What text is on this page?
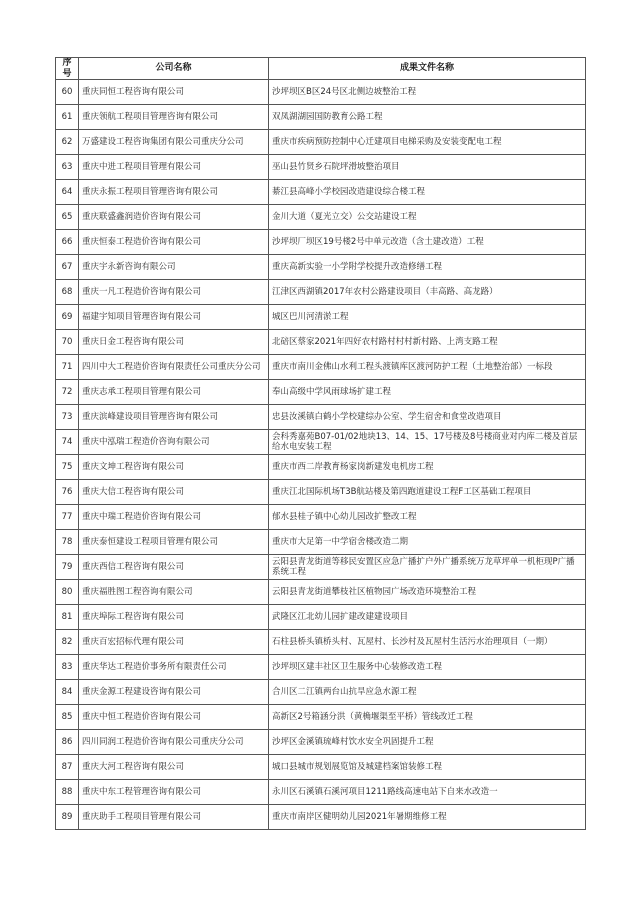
序号	公司名称	成果文件名称
60	重庆同恒工程咨询有限公司	沙坪坝区B区24号区北侧边坡整治工程
61	重庆领航工程项目管理咨询有限公司	双凤湖湖园国防教育公路工程
62	万盛建设工程咨询集团有限公司重庆分公司	重庆市疾病预防控制中心迁建项目电梯采购及安装变配电工程
63	重庆中进工程项目管理有限公司	巫山县竹贤乡石院坪滑坡整治项目
64	重庆永振工程项目管理咨询有限公司	綦江县高峰小学校园改造建设综合楼工程
65	重庆联盛鑫润造价咨询有限公司	金川大道（夏光立交）公交站建设工程
66	重庆恒泰工程造价咨询有限公司	沙坪坝厂坝区19号楼2号中单元改造（含土建改造）工程
67	重庆宇永新咨询有限公司	重庆高新实验一小学附学校提升改造修缮工程
68	重庆一凡工程造价咨询有限公司	江津区西湖镇2017年农村公路建设项目（丰高路、高龙路）
69	福建宇知项目管理咨询有限公司	城区巴川河清淤工程
70	重庆日金工程咨询有限公司	北碚区蔡家2021年四好农村路村村村新村路、上湾支路工程
71	四川中大工程造价咨询有限责任公司重庆分公司	重庆市南川金佛山水利工程头渡镇库区渡河防护工程（土地整治部）一标段
72	重庆志承工程项目管理有限公司	奉山高级中学风雨球场扩建工程
73	重庆滨峰建设项目管理咨询有限公司	忠县汝溪镇白鹤小学校建综办公室、学生宿舍和食堂改造项目
74	重庆中泓瑞工程造价咨询有限公司	会科秀嘉苑B07-01/02地块13、14、15、17号楼及8号楼商业对内库二楼及首层给水电安装工程
75	重庆文坤工程咨询有限公司	重庆市西二岸教育杨家岗新建发电机房工程
76	重庆大信工程咨询有限公司	重庆江北国际机场T3B航站楼及第四跑道建设工程F工区基础工程项目
77	重庆中瑞工程造价咨询有限公司	郁水县桂子镇中心幼儿园改扩整改工程
78	重庆泰恒建设工程项目管理有限公司	重庆市大足第一中学宿舍楼改造二期
79	重庆西信工程咨询有限公司	云阳县青龙街道等移民安置区应急广播扩户外广播系统万龙草坪单一机柜现P广播系统工程
80	重庆福胜图工程咨询有限公司	云阳县青龙街道攀枝社区植物园广场改造环境整治工程
81	重庆埠际工程咨询有限公司	武隆区江北幼儿园扩建改建建设项目
82	重庆百宏招标代理有限公司	石柱县桥头镇桥头村、瓦屋村、长沙村及瓦屋村生活污水治理项目（一期）
83	重庆华达工程造价事务所有限责任公司	沙坪坝区建丰社区卫生服务中心装修改造工程
84	重庆金源工程建设咨询有限公司	合川区二江镇两台山抗旱应急水源工程
85	重庆中恒工程造价咨询有限公司	高新区2号箱涵分洪（黄桷堰渠至平桥）管线改迁工程
86	四川同润工程造价咨询有限公司重庆分公司	沙坪区金溪镇琉峰村饮水安全巩固提升工程
87	重庆大河工程咨询有限公司	城口县城市规划展览馆及城建档案馆装修工程
88	重庆中东工程管理咨询有限公司	永川区石溪镇石溪河项目1211路线高速电站下自来水改造一
89	重庆助手工程项目管理有限公司	重庆市南岸区健明幼儿园2021年暑期维修工程
